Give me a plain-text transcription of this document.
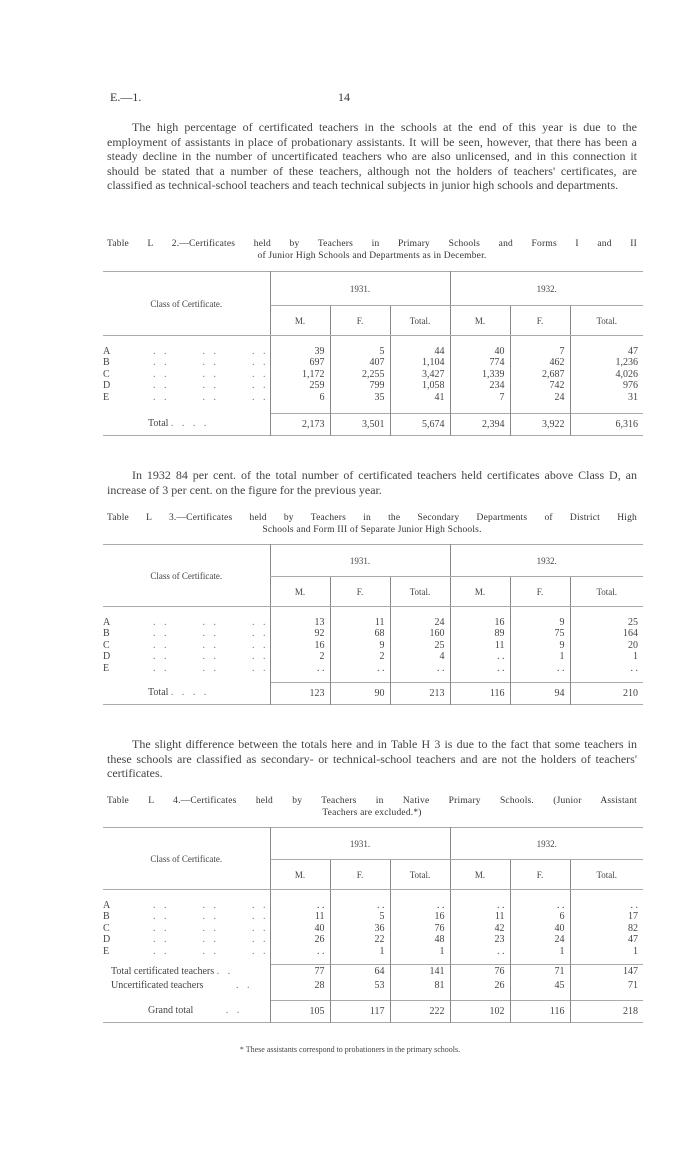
E.—1.	14

The high percentage of certificated teachers in the schools at the end of this year is due to the employment of assistants in place of probationary assistants. It will be seen, however, that there has been a steady decline in the number of uncertificated teachers who are also unlicensed, and in this connection it should be stated that a number of these teachers, although not the holders of teachers' certificates, are classified as technical-school teachers and teach technical subjects in junior high schools and departments.

Table L 2.—Certificates held by Teachers in Primary Schools and Forms I and II
of Junior High Schools and Departments as in December.
Class of Certificate.	1931.			1932.		
	M.	F.	Total.	M.	F.	Total.

A . .      . .      . .	39	5	44	40	7	47
B . .      . .      . .	697	407	1,104	774	462	1,236
C . .      . .      . .	1,172	2,255	3,427	1,339	2,687	4,026
D . .      . .      . .	259	799	1,058	234	742	976
E . .      . .      . .	6	35	41	7	24	31

Total . . . .	2,173	3,501	5,674	2,394	3,922	6,316

In 1932 84 per cent. of the total number of certificated teachers held certificates above Class D, an increase of 3 per cent. on the figure for the previous year.

Table L 3.—Certificates held by Teachers in the Secondary Departments of District High
Schools and Form III of Separate Junior High Schools.
Class of Certificate.	1931.			1932.		
	M.	F.	Total.	M.	F.	Total.

A . .      . .      . .	13	11	24	16	9	25
B . .      . .      . .	92	68	160	89	75	164
C . .      . .      . .	16	9	25	11	9	20
D . .      . .      . .	2	2	4	. .	1	1
E . .      . .      . .	. .	. .	. .	. .	. .	. .

Total . . . .	123	90	213	116	94	210

The slight difference between the totals here and in Table H 3 is due to the fact that some teachers in these schools are classified as secondary- or technical-school teachers and are not the holders of teachers' certificates.

Table L 4.—Certificates held by Teachers in Native Primary Schools. (Junior Assistant
Teachers are excluded.*)
Class of Certificate.	1931.			1932.		
	M.	F.	Total.	M.	F.	Total.

A . .      . .      . .	. .	. .	. .	. .	. .	. .
B . .      . .      . .	11	5	16	11	6	17
C . .      . .      . .	40	36	76	42	40	82
D . .      . .      . .	26	22	48	23	24	47
E . .      . .      . .	. .	1	1	. .	1	1

Total certificated teachers . .	77	64	141	76	71	147
Uncertificated teachers . .	28	53	81	26	45	71

Grand total . .	105	117	222	102	116	218
* These assistants correspond to probationers in the primary schools.
